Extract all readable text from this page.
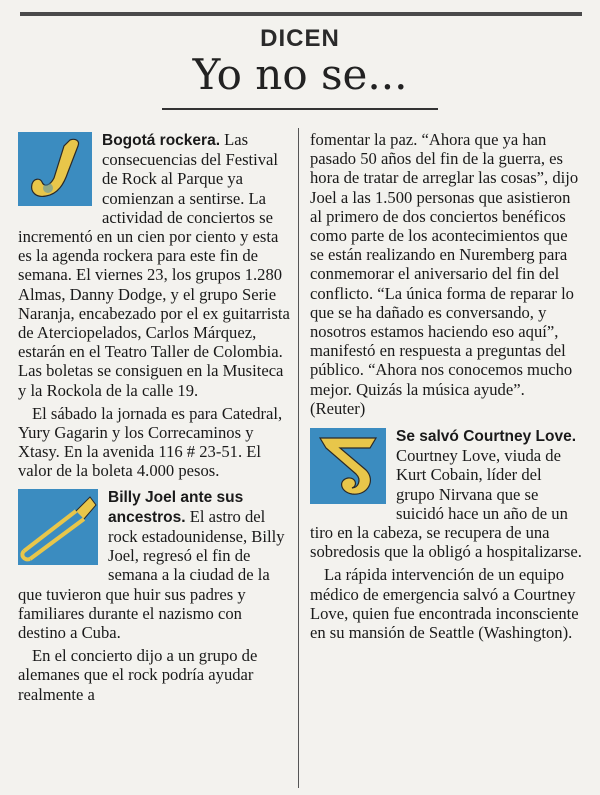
DICEN
Yo no se...

Bogotá rockera. Las consecuencias del Festival de Rock al Parque ya comienzan a sentirse. La actividad de conciertos se incrementó en un cien por ciento y esta es la agenda rockera para este fin de semana. El viernes 23, los grupos 1.280 Almas, Danny Dodge, y el grupo Serie Naranja, encabezado por el ex guitarrista de Aterciopelados, Carlos Márquez, estarán en el Teatro Taller de Colombia. Las boletas se consiguen en la Musiteca y la Rockola de la calle 19.

El sábado la jornada es para Catedral, Yury Gagarin y los Correcaminos y Xtasy. En la avenida 116 # 23-51. El valor de la boleta 4.000 pesos.

Billy Joel ante sus ancestros. El astro del rock estadounidense, Billy Joel, regresó el fin de semana a la ciudad de la que tuvieron que huir sus padres y familiares durante el nazismo con destino a Cuba.

En el concierto dijo a un grupo de alemanes que el rock podría ayudar realmente a

fomentar la paz. “Ahora que ya han pasado 50 años del fin de la guerra, es hora de tratar de arreglar las cosas”, dijo Joel a las 1.500 personas que asistieron al primero de dos conciertos benéficos como parte de los acontecimientos que se están realizando en Nuremberg para conmemorar el aniversario del fin del conflicto. “La única forma de reparar lo que se ha dañado es conversando, y nosotros estamos haciendo eso aquí”, manifestó en respuesta a preguntas del público. “Ahora nos conocemos mucho mejor. Quizás la música ayude”. (Reuter)

Se salvó Courtney Love. Courtney Love, viuda de Kurt Cobain, líder del grupo Nirvana que se suicidó hace un año de un tiro en la cabeza, se recupera de una sobredosis que la obligó a hospitalizarse.

La rápida intervención de un equipo médico de emergencia salvó a Courtney Love, quien fue encontrada inconsciente en su mansión de Seattle (Washington).
